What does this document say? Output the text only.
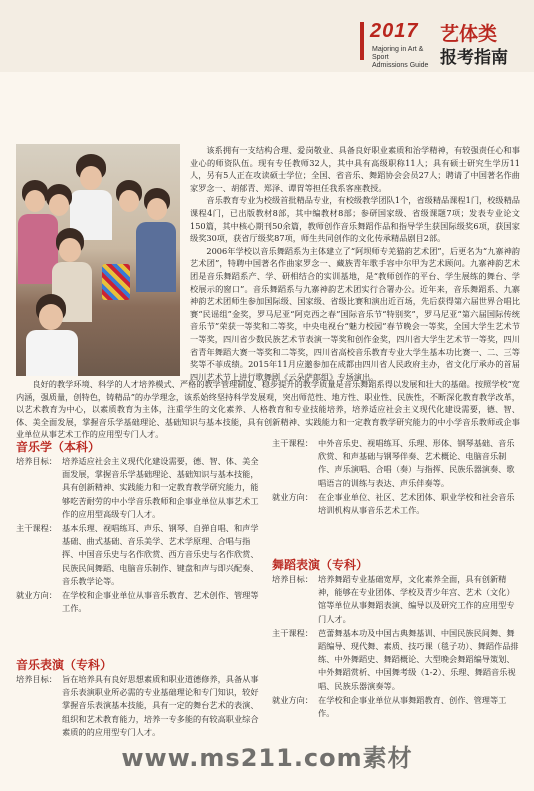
2017 艺体类
Majoring in Art & Sport
Admissions Guide 报考指南

该系拥有一支结构合理、爱岗敬业、具备良好职业素质和治学精神，有较强责任心和事业心的师资队伍。现有专任教师32人，其中具有高级职称11人；具有硕士研究生学历11人，另有5人正在攻读硕士学位；全国、省音乐、舞蹈协会会员27人；聘请了中国著名作曲家罗念一、胡郁青、郑泽、谭胃等担任我系客座教授。

音乐教育专业为校级首批精品专业，有校级教学团队1个，省级精品课程1门，校级精品课程4门，已出版教材8部，其中编教材8部；参研国家级、省级课题7项；发表专业论文150篇，其中核心期刊50余篇，教师创作音乐舞蹈作品和指导学生获国际级奖6项，获国家级奖30项，获省厅级奖87项，师生共同创作的文化传承精品剧目2部。

2006年学校以音乐舞蹈系为主体建立了“阿坝师专羌猫韵艺术团”，后更名为“九寨神韵艺术团”，特聘中国著名作曲家罗念一、藏族青年歌手容中尔甲为艺术顾问。九寨神韵艺术团是音乐舞蹈系产、学、研相结合的实训基地，是“教师创作的平台、学生展练的舞台、学校展示的窗口”。音乐舞蹈系与九寨神韵艺术团实行合署办公。近年来，音乐舞蹈系、九寨神韵艺术团师生参加国际级、国家级、省级比赛和演出近百场，先后获得第六届世界合唱比赛“民谣组”金奖，罗马尼亚“阿克西之春”国际音乐节“特别奖”，罗马尼亚“第六届国际传统音乐节”荣获一等奖和二等奖，中央电视台“魅力校园”春节晚会一等奖，全国大学生艺术节一等奖，四川省少数民族艺术节表演一等奖和创作金奖，四川省大学生艺术节一等奖，四川省青年舞蹈大赛一等奖和二等奖，四川省高校音乐教育专业大学生基本功比赛一、二、三等奖等不菲成绩。2015年11月应邀参加在成都由四川省人民政府主办，省文化厅承办的首届四川艺术节上进行歌舞剧《云朵萨郎组》专场演出。

良好的教学环境、科学的人才培养模式、严格的教学管理制度、稳步提升的教学质量是音乐舞蹈系得以发展和壮大的基础。按照学校“宽内涵，强质量，创特色，铸精品”的办学理念，该系始终坚持科学发展观，突出师范性、地方性、职业性、民族性，不断深化教育教学改革，以艺术教育为中心，以素质教育为主体，注重学生的文化素养、人格教育和专业技能培养，培养适应社会主义现代化建设需要，德、智、体、美全面发展，掌握音乐学基础理论、基础知识与基本技能，具有创新精神、实践能力和一定教育教学研究能力的中小学音乐教师或企事业单位从事艺术工作的应用型专门人才。

音乐学（本科）
培养目标： 培养适应社会主义现代化建设需要，德、智、体、美全面发展，掌握音乐学基础理论、基础知识与基本技能，具有创新精神、实践能力和一定教育教学研究能力，能够吃苦耐劳的中小学音乐教师和企事业单位从事艺术工作的应用型高级专门人才。
主干课程： 基本乐理、视唱练耳、声乐、钢琴、自弹自唱、和声学基础、曲式基础、音乐美学、艺术学原理、合唱与指挥、中国音乐史与名作欣赏、西方音乐史与名作欣赏、民族民间舞蹈、电脑音乐制作、键盘和声与即兴配奏、音乐教学论等。
就业方向： 在学校和企事业单位从事音乐教育、艺术创作、管理等工作。
音乐表演（专科）
培养目标： 旨在培养具有良好思想素质和职业道德修养，具备从事音乐表演职业所必需的专业基础理论和专门知识，较好掌握音乐表演基本技能，具有一定的舞台艺术的表演、组织和艺术教育能力，培养一专多能的有较高职业综合素质的的应用型专门人才。
主干课程： 中外音乐史、视唱练耳、乐理、形体、钢琴基础、音乐欣赏、和声基础与钢琴伴奏、艺术概论、电脑音乐制作、声乐演唱、合唱（奏）与指挥、民族乐器演奏、歌唱语言的训练与表达、声乐伴奏等。
就业方向： 在企事业单位、社区、艺术团体、职业学校和社会音乐培训机构从事音乐艺术工作。
舞蹈表演（专科）
培养目标： 培养舞蹈专业基础宽厚，文化素养全面，具有创新精神，能够在专业团体、学校及青少年宫、艺术（文化）馆等单位从事舞蹈表演、编导以及研究工作的应用型专门人才。
主干课程： 芭蕾舞基本功及中国古典舞基训、中国民族民间舞、舞蹈编导、现代舞、素质、技巧课（毯子功）、舞蹈作品排练、中外舞蹈史、舞蹈概论、大型晚会舞蹈编导策划、中外舞蹈赏析、中国舞考级（1-2）、乐理、舞蹈音乐视唱、民族乐器演奏等。
就业方向： 在学校和企事业单位从事舞蹈教育、创作、管理等工作。
www.ms211.com素材
